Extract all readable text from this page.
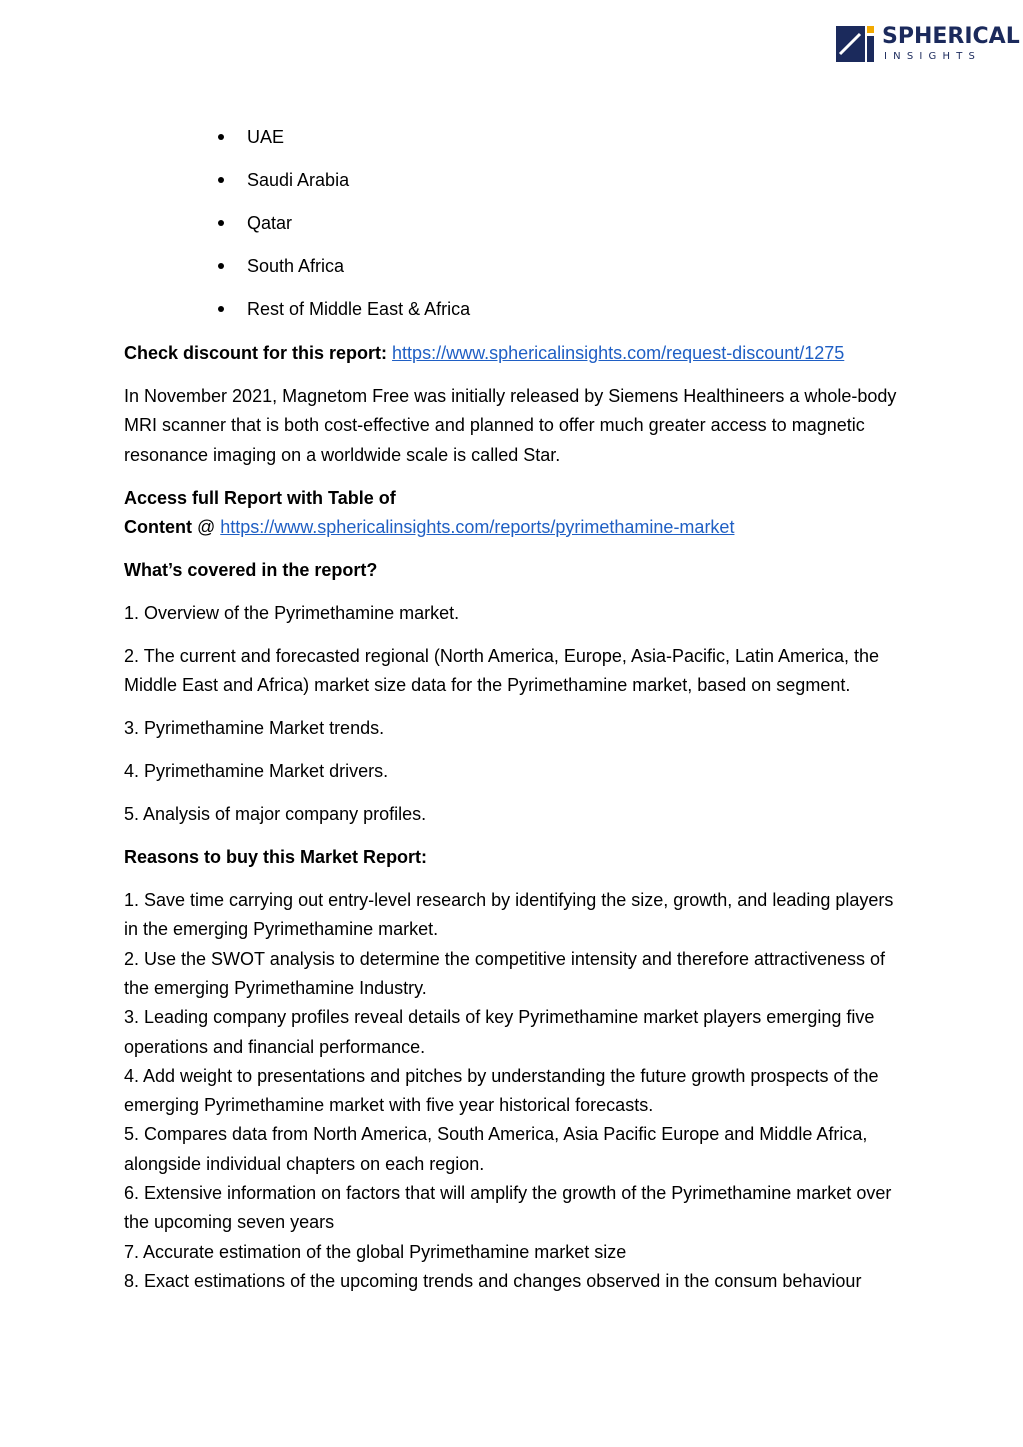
SPHERICAL
INSIGHTS
UAE
Saudi Arabia
Qatar
South Africa
Rest of Middle East & Africa

Check discount for this report: https://www.sphericalinsights.com/request-discount/1275

In November 2021, Magnetom Free was initially released by Siemens Healthineers a whole-body MRI scanner that is both cost-effective and planned to offer much greater access to magnetic resonance imaging on a worldwide scale is called Star.

Access full Report with Table of
Content @ https://www.sphericalinsights.com/reports/pyrimethamine-market

What’s covered in the report?

1. Overview of the Pyrimethamine market.

2. The current and forecasted regional (North America, Europe, Asia-Pacific, Latin America, the Middle East and Africa) market size data for the Pyrimethamine market, based on segment.

3. Pyrimethamine Market trends.

4. Pyrimethamine Market drivers.

5. Analysis of major company profiles.

Reasons to buy this Market Report:

1. Save time carrying out entry-level research by identifying the size, growth, and leading players in the emerging Pyrimethamine market.

2. Use the SWOT analysis to determine the competitive intensity and therefore attractiveness of the emerging Pyrimethamine Industry.

3. Leading company profiles reveal details of key Pyrimethamine market players emerging five operations and financial performance.

4. Add weight to presentations and pitches by understanding the future growth prospects of the emerging Pyrimethamine market with five year historical forecasts.

5. Compares data from North America, South America, Asia Pacific Europe and Middle Africa, alongside individual chapters on each region.

6. Extensive information on factors that will amplify the growth of the Pyrimethamine market over the upcoming seven years

7. Accurate estimation of the global Pyrimethamine market size

8. Exact estimations of the upcoming trends and changes observed in the consum behaviour
